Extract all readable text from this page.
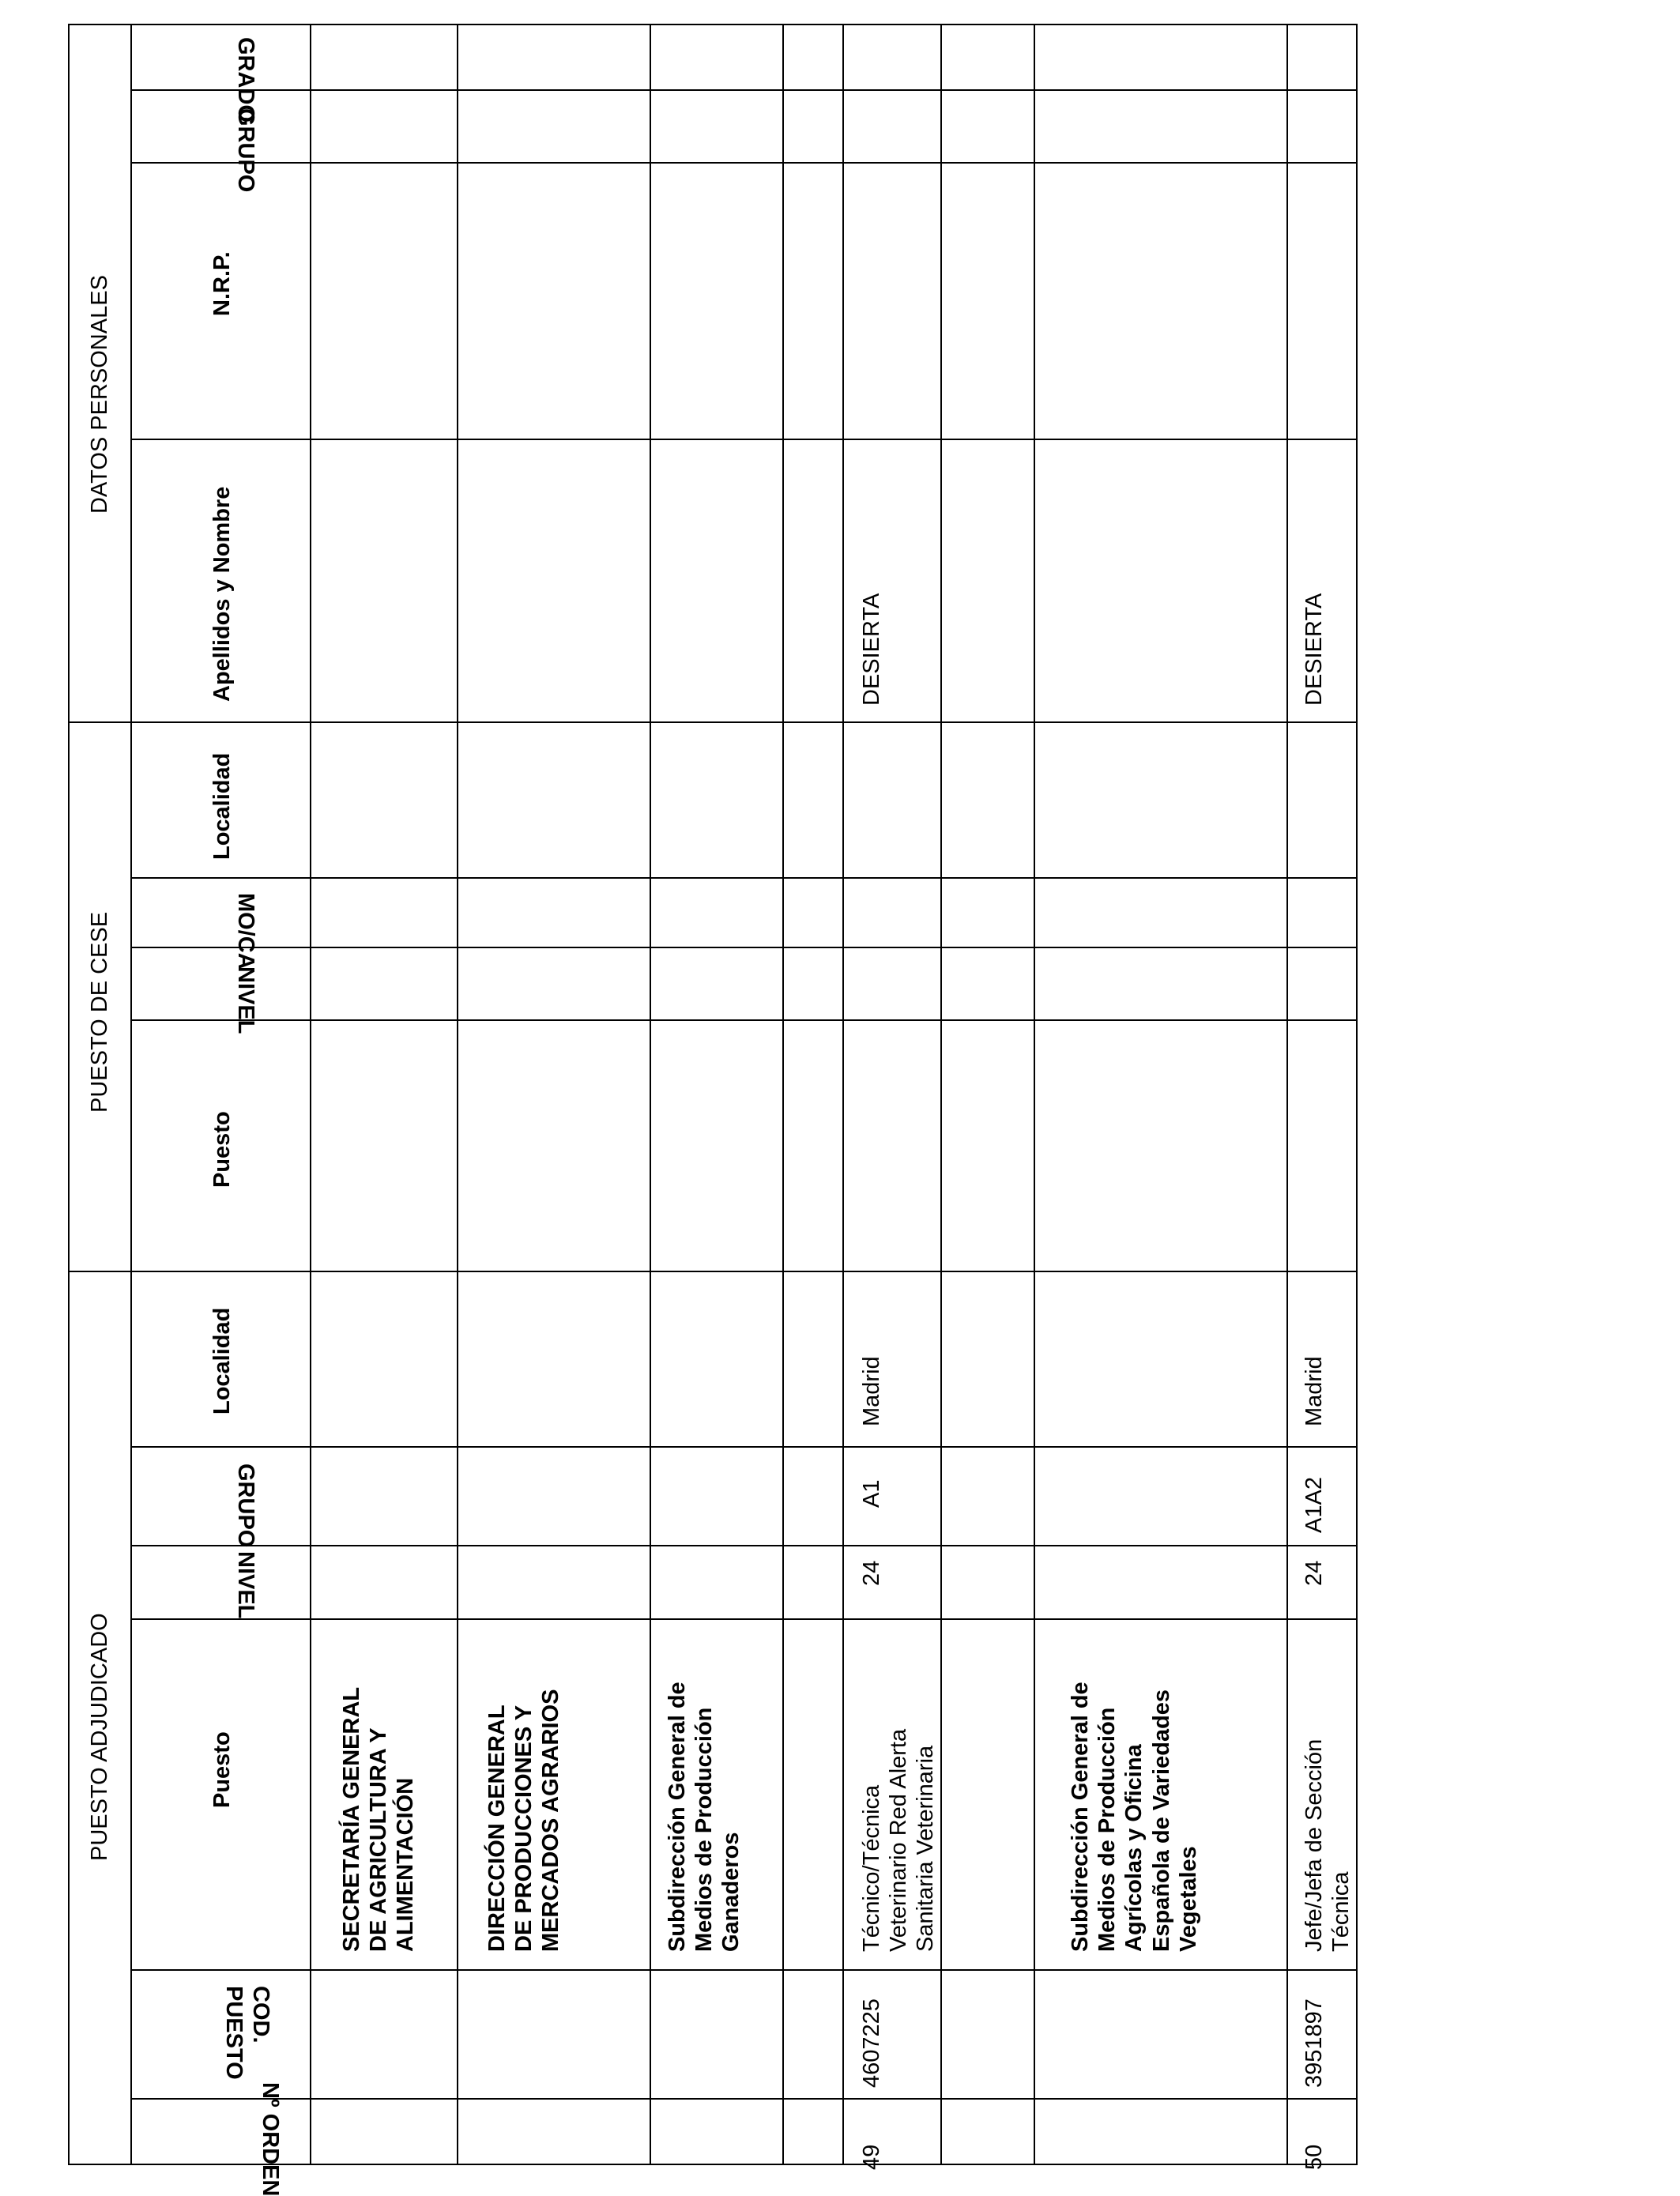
PUESTO ADJUDICADO
PUESTO DE CESE
DATOS PERSONALES
Puesto
Localidad
Puesto
Localidad
Apellidos y Nombre
N.R.P.
Nº ORDEN
COD.
PUESTO
NIVEL
GRUPO
NIVEL
MO/CA
GRUPO
GRADO
SECRETARÍA GENERAL
DE AGRICULTURA Y
ALIMENTACIÓN	DIRECCIÓN GENERAL
DE PRODUCCIONES Y
MERCADOS AGRARIOS
Subdirección General de
Medios de Producción
Ganaderos
49
4607225
Técnico/Técnica
Veterinario Red Alerta
Sanitaria Veterinaria
24
A1
Madrid
DESIERTA
Subdirección General de
Medios de Producción
Agrícolas y Oficina
Española de Variedades
Vegetales
50
3951897
Jefe/Jefa de Sección
Técnica
24
A1A2
Madrid
DESIERTA
